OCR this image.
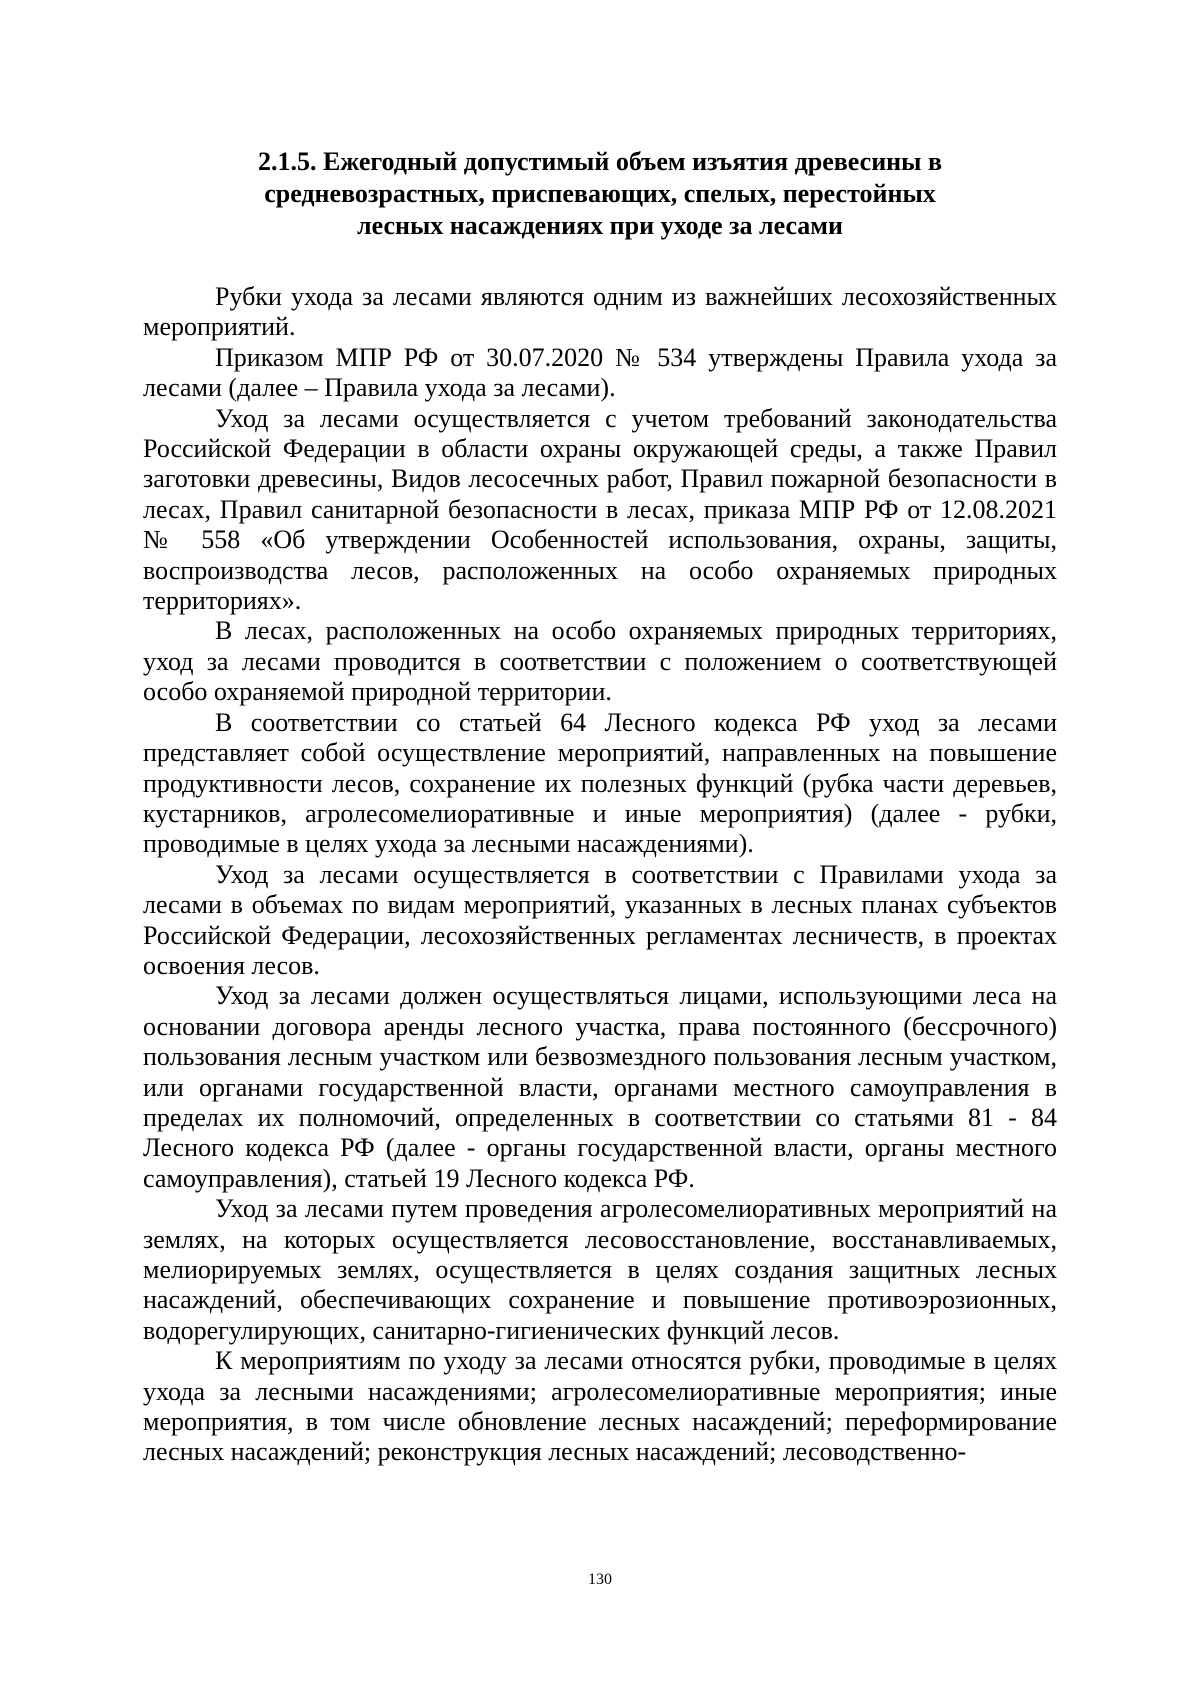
2.1.5. Ежегодный допустимый объем изъятия древесины в
средневозрастных, приспевающих, спелых, перестойных
лесных насаждениях при уходе за лесами

Рубки ухода за лесами являются одним из важнейших лесохозяйственных мероприятий.

Приказом МПР РФ от 30.07.2020 № 534 утверждены Правила ухода за лесами (далее – Правила ухода за лесами).

Уход за лесами осуществляется с учетом требований законодательства Российской Федерации в области охраны окружающей среды, а также Правил заготовки древесины, Видов лесосечных работ, Правил пожарной безопасности в лесах, Правил санитарной безопасности в лесах, приказа МПР РФ от 12.08.2021 № 558 «Об утверждении Особенностей использования, охраны, защиты, воспроизводства лесов, расположенных на особо охраняемых природных территориях».

В лесах, расположенных на особо охраняемых природных территориях, уход за лесами проводится в соответствии с положением о соответствующей особо охраняемой природной территории.

В соответствии со статьей 64 Лесного кодекса РФ уход за лесами представляет собой осуществление мероприятий, направленных на повышение продуктивности лесов, сохранение их полезных функций (рубка части деревьев, кустарников, агролесомелиоративные и иные мероприятия) (далее - рубки, проводимые в целях ухода за лесными насаждениями).

Уход за лесами осуществляется в соответствии с Правилами ухода за лесами в объемах по видам мероприятий, указанных в лесных планах субъектов Российской Федерации, лесохозяйственных регламентах лесничеств, в проектах освоения лесов.

Уход за лесами должен осуществляться лицами, использующими леса на основании договора аренды лесного участка, права постоянного (бессрочного) пользования лесным участком или безвозмездного пользования лесным участком, или органами государственной власти, органами местного самоуправления в пределах их полномочий, определенных в соответствии со статьями 81 - 84 Лесного кодекса РФ (далее - органы государственной власти, органы местного самоуправления), статьей 19 Лесного кодекса РФ.

Уход за лесами путем проведения агролесомелиоративных мероприятий на землях, на которых осуществляется лесовосстановление, восстанавливаемых, мелиорируемых землях, осуществляется в целях создания защитных лесных насаждений, обеспечивающих сохранение и повышение противоэрозионных, водорегулирующих, санитарно-гигиенических функций лесов.

К мероприятиям по уходу за лесами относятся рубки, проводимые в целях ухода за лесными насаждениями; агролесомелиоративные мероприятия; иные мероприятия, в том числе обновление лесных насаждений; переформирование лесных насаждений; реконструкция лесных насаждений; лесоводственно-

130
